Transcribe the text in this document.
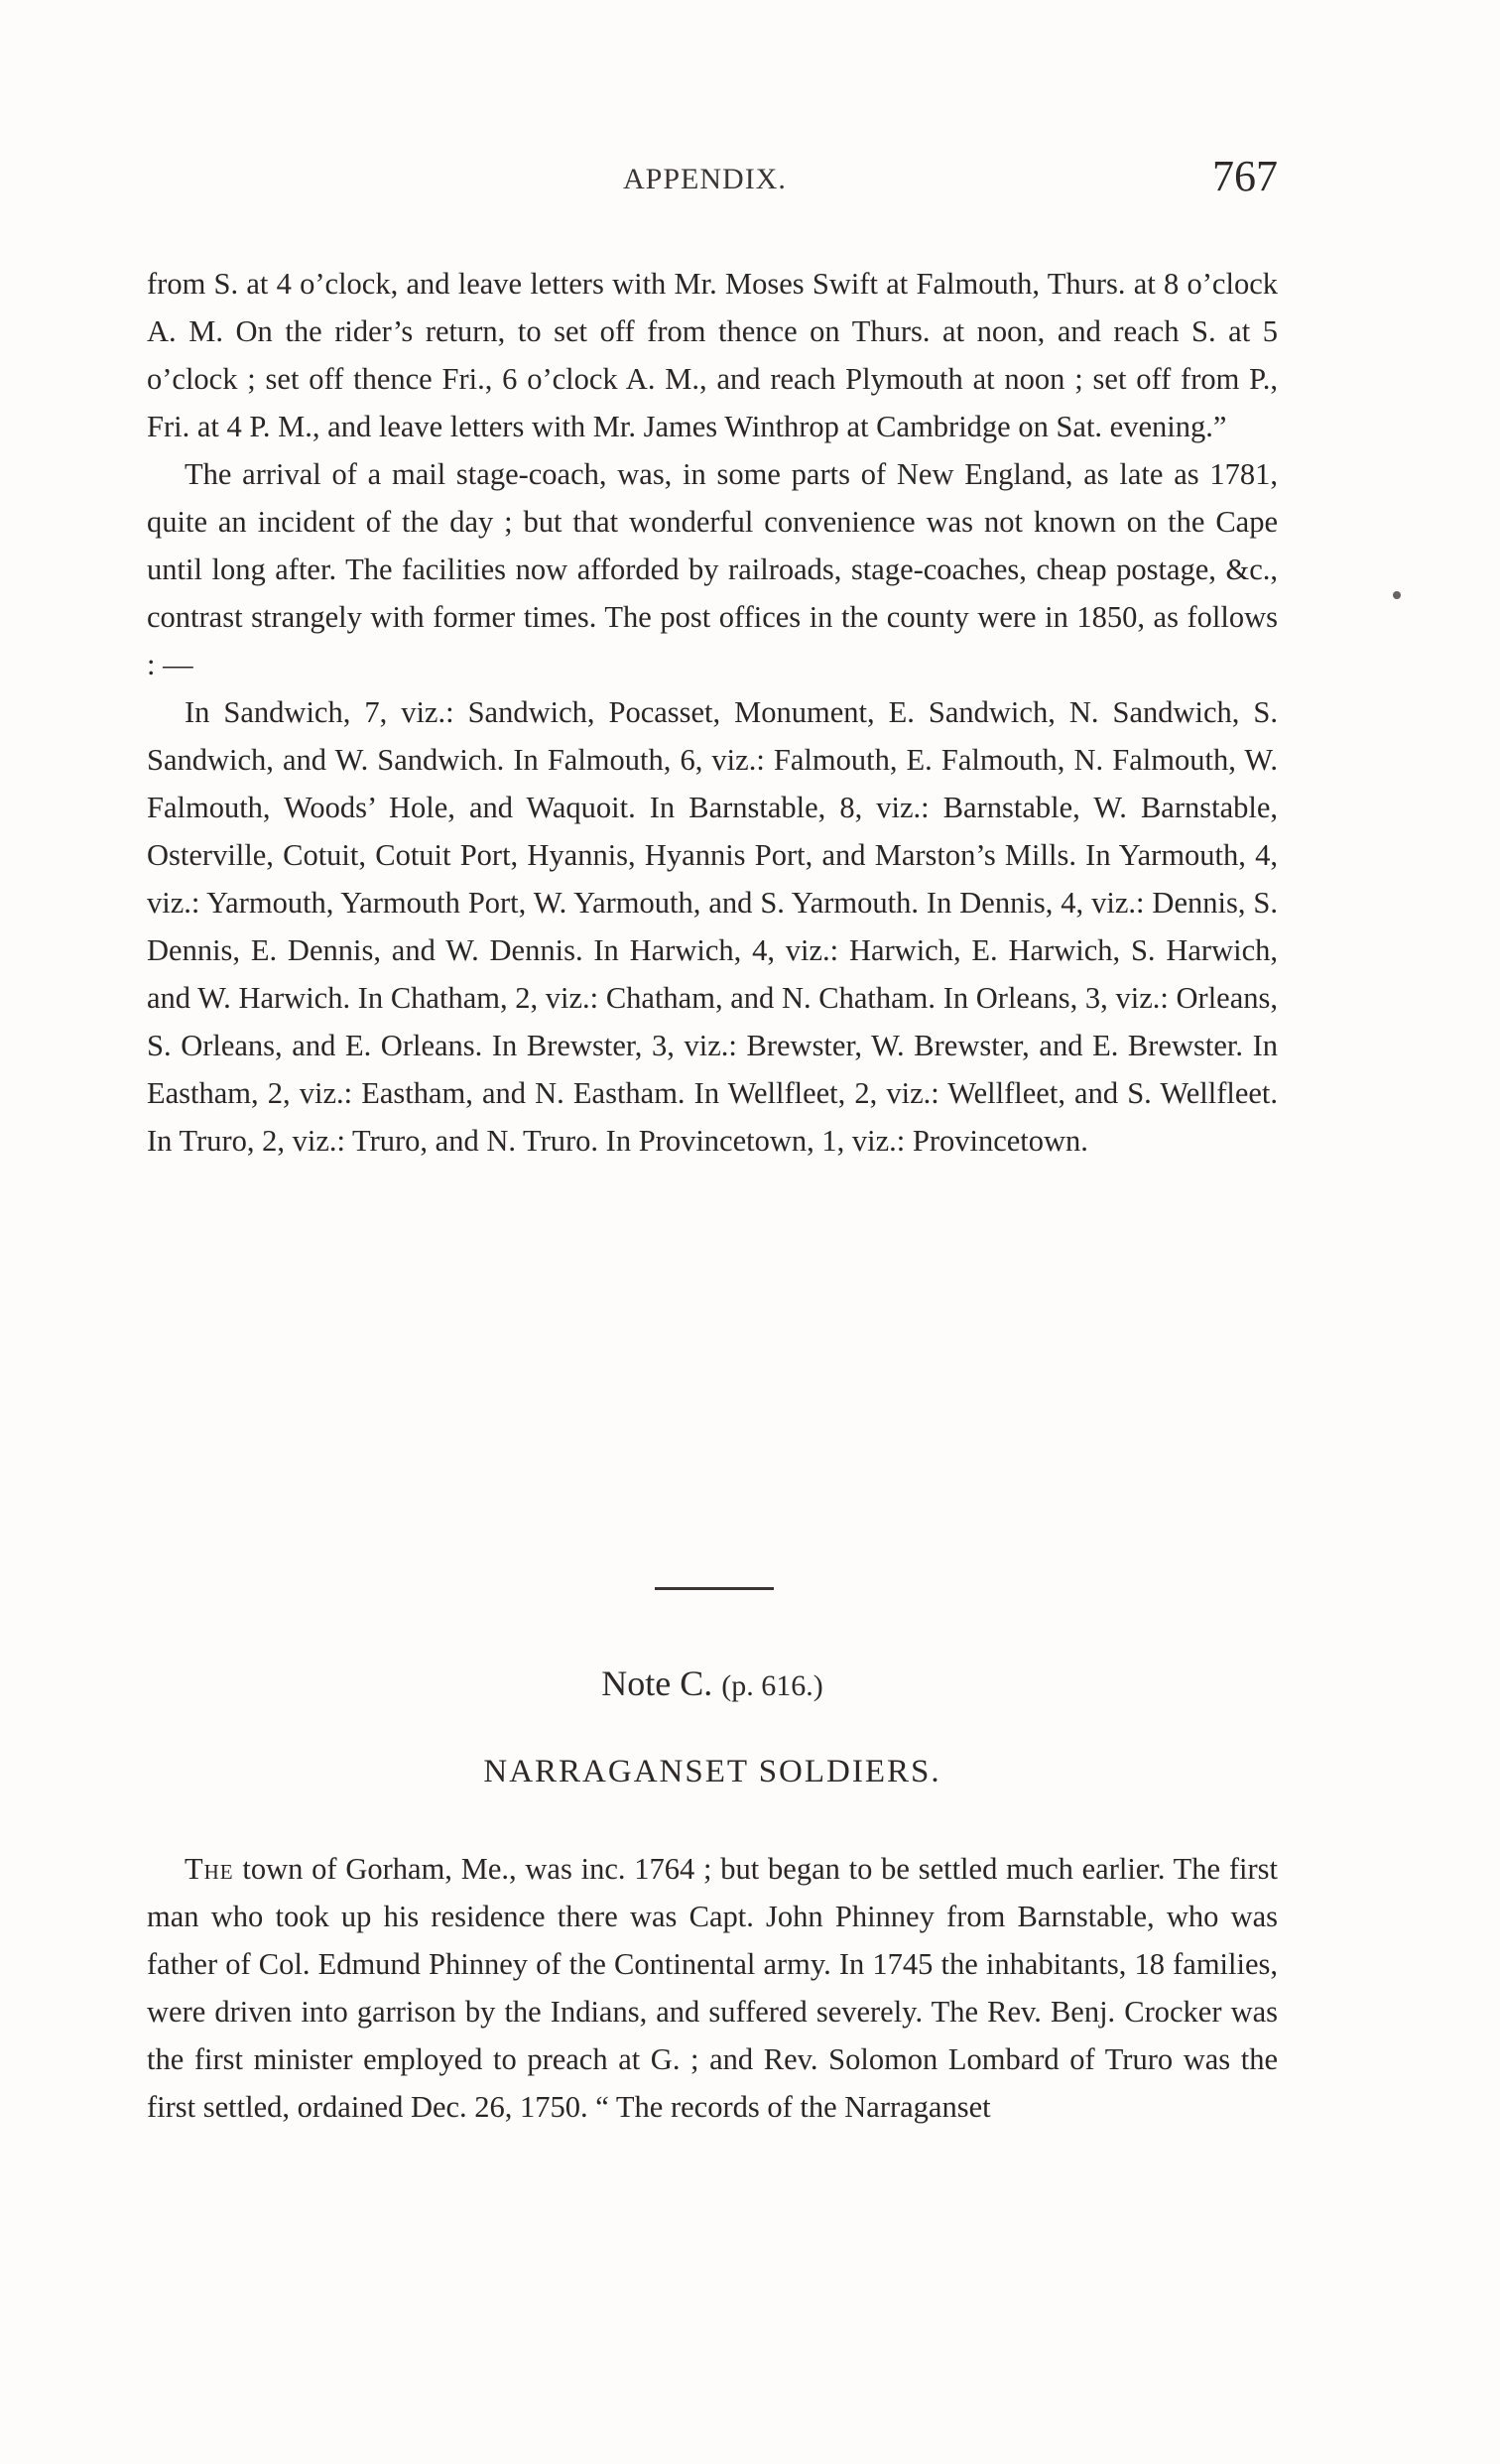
APPENDIX.	767

from S. at 4 o’clock, and leave letters with Mr. Moses Swift at Falmouth, Thurs. at 8 o’clock A. M. On the rider’s return, to set off from thence on Thurs. at noon, and reach S. at 5 o’clock ; set off thence Fri., 6 o’clock A. M., and reach Plymouth at noon ; set off from P., Fri. at 4 P. M., and leave letters with Mr. James Winthrop at Cambridge on Sat. evening.”

The arrival of a mail stage-coach, was, in some parts of New England, as late as 1781, quite an incident of the day ; but that wonderful convenience was not known on the Cape until long after. The facilities now afforded by railroads, stage-coaches, cheap postage, &c., contrast strangely with former times. The post offices in the county were in 1850, as follows : —

In Sandwich, 7, viz.: Sandwich, Pocasset, Monument, E. Sandwich, N. Sandwich, S. Sandwich, and W. Sandwich. In Falmouth, 6, viz.: Falmouth, E. Falmouth, N. Falmouth, W. Falmouth, Woods’ Hole, and Waquoit. In Barnstable, 8, viz.: Barnstable, W. Barnstable, Osterville, Cotuit, Cotuit Port, Hyannis, Hyannis Port, and Marston’s Mills. In Yarmouth, 4, viz.: Yarmouth, Yarmouth Port, W. Yarmouth, and S. Yarmouth. In Dennis, 4, viz.: Dennis, S. Dennis, E. Dennis, and W. Dennis. In Harwich, 4, viz.: Harwich, E. Harwich, S. Harwich, and W. Harwich. In Chatham, 2, viz.: Chatham, and N. Chatham. In Orleans, 3, viz.: Orleans, S. Orleans, and E. Orleans. In Brewster, 3, viz.: Brewster, W. Brewster, and E. Brewster. In Eastham, 2, viz.: Eastham, and N. Eastham. In Wellfleet, 2, viz.: Wellfleet, and S. Wellfleet. In Truro, 2, viz.: Truro, and N. Truro. In Provincetown, 1, viz.: Provincetown.

Note C. (p. 616.)
NARRAGANSET SOLDIERS.

The town of Gorham, Me., was inc. 1764 ; but began to be settled much earlier. The first man who took up his residence there was Capt. John Phinney from Barnstable, who was father of Col. Edmund Phinney of the Continental army. In 1745 the inhabitants, 18 families, were driven into garrison by the Indians, and suffered severely. The Rev. Benj. Crocker was the first minister employed to preach at G. ; and Rev. Solomon Lombard of Truro was the first settled, ordained Dec. 26, 1750. “ The records of the Narraganset
